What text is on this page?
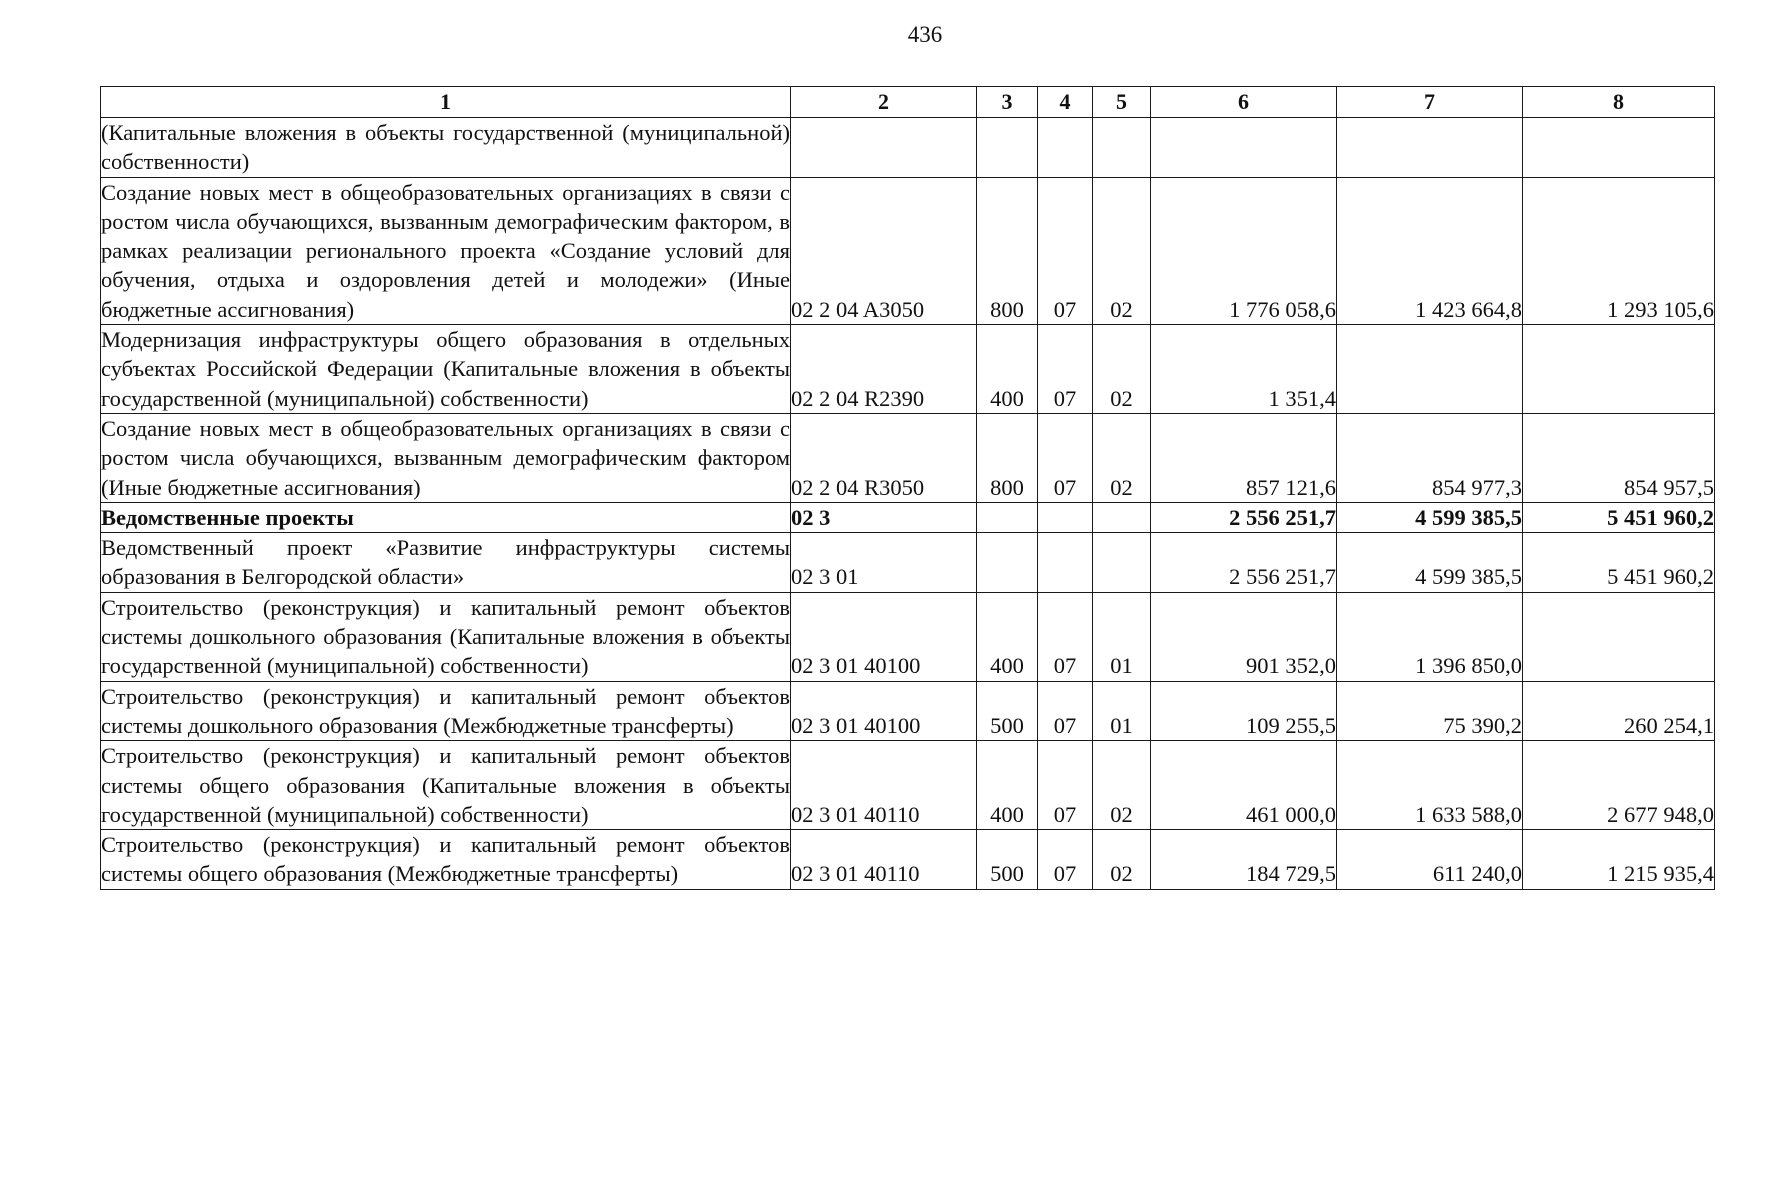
436
1	2	3	4	5	6	7	8
(Капитальные вложения в объекты государственной (муниципальной) собственности)							
Создание новых мест в общеобразовательных организациях в связи с ростом числа обучающихся, вызванным демографическим фактором, в рамках реализации регионального проекта «Создание условий для обучения, отдыха и оздоровления детей и молодежи» (Иные бюджетные ассигнования)	02 2 04 A3050	800	07	02	1 776 058,6	1 423 664,8	1 293 105,6
Модернизация инфраструктуры общего образования в отдельных субъектах Российской Федерации (Капитальные вложения в объекты государственной (муниципальной) собственности)	02 2 04 R2390	400	07	02	1 351,4		
Создание новых мест в общеобразовательных организациях в связи с ростом числа обучающихся, вызванным демографическим фактором (Иные бюджетные ассигнования)	02 2 04 R3050	800	07	02	857 121,6	854 977,3	854 957,5
Ведомственные проекты	02 3				2 556 251,7	4 599 385,5	5 451 960,2
Ведомственный проект «Развитие инфраструктуры системы образования в Белгородской области»	02 3 01				2 556 251,7	4 599 385,5	5 451 960,2
Строительство (реконструкция) и капитальный ремонт объектов системы дошкольного образования (Капитальные вложения в объекты государственной (муниципальной) собственности)	02 3 01 40100	400	07	01	901 352,0	1 396 850,0	
Строительство (реконструкция) и капитальный ремонт объектов системы дошкольного образования (Межбюджетные трансферты)	02 3 01 40100	500	07	01	109 255,5	75 390,2	260 254,1
Строительство (реконструкция) и капитальный ремонт объектов системы общего образования (Капитальные вложения в объекты государственной (муниципальной) собственности)	02 3 01 40110	400	07	02	461 000,0	1 633 588,0	2 677 948,0
Строительство (реконструкция) и капитальный ремонт объектов системы общего образования (Межбюджетные трансферты)	02 3 01 40110	500	07	02	184 729,5	611 240,0	1 215 935,4
